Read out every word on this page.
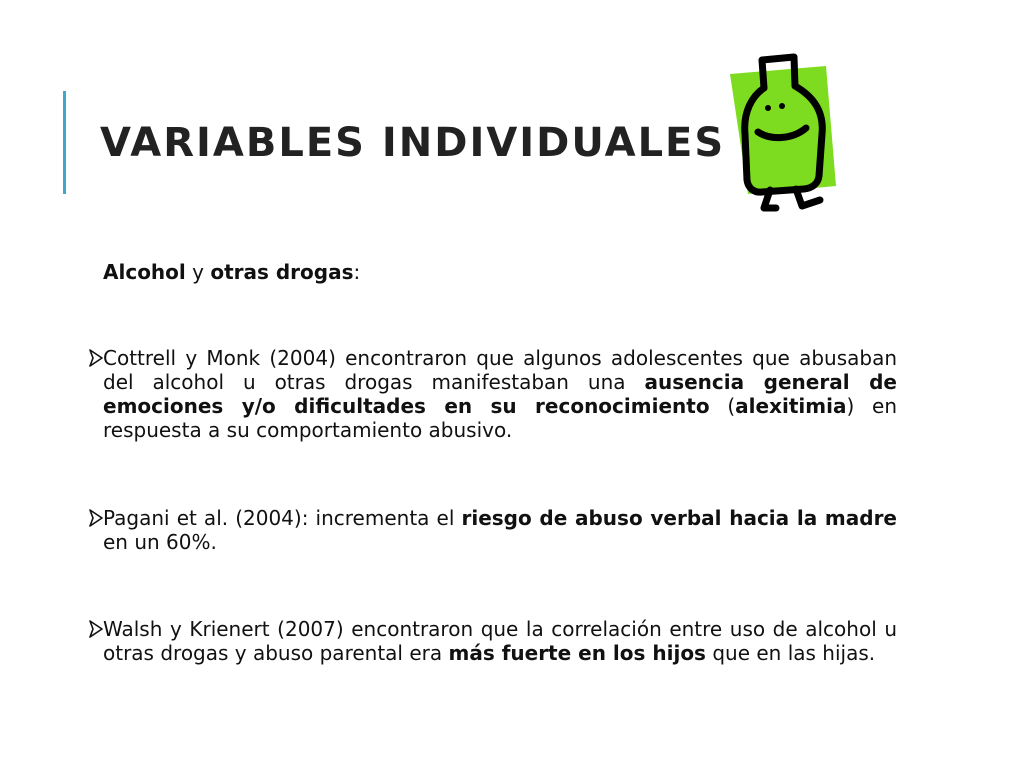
VARIABLES INDIVIDUALES
Alcohol y otras drogas:
Cottrell y Monk (2004) encontraron que algunos adolescentes que abusaban del alcohol u otras drogas manifestaban una ausencia general de emociones y/o dificultades en su reconocimiento (alexitimia) en respuesta a su comportamiento abusivo.
Pagani et al. (2004): incrementa el riesgo de abuso verbal hacia la madre en un 60%.
Walsh y Krienert (2007) encontraron que la correlación entre uso de alcohol u otras drogas y abuso parental era más fuerte en los hijos que en las hijas.
